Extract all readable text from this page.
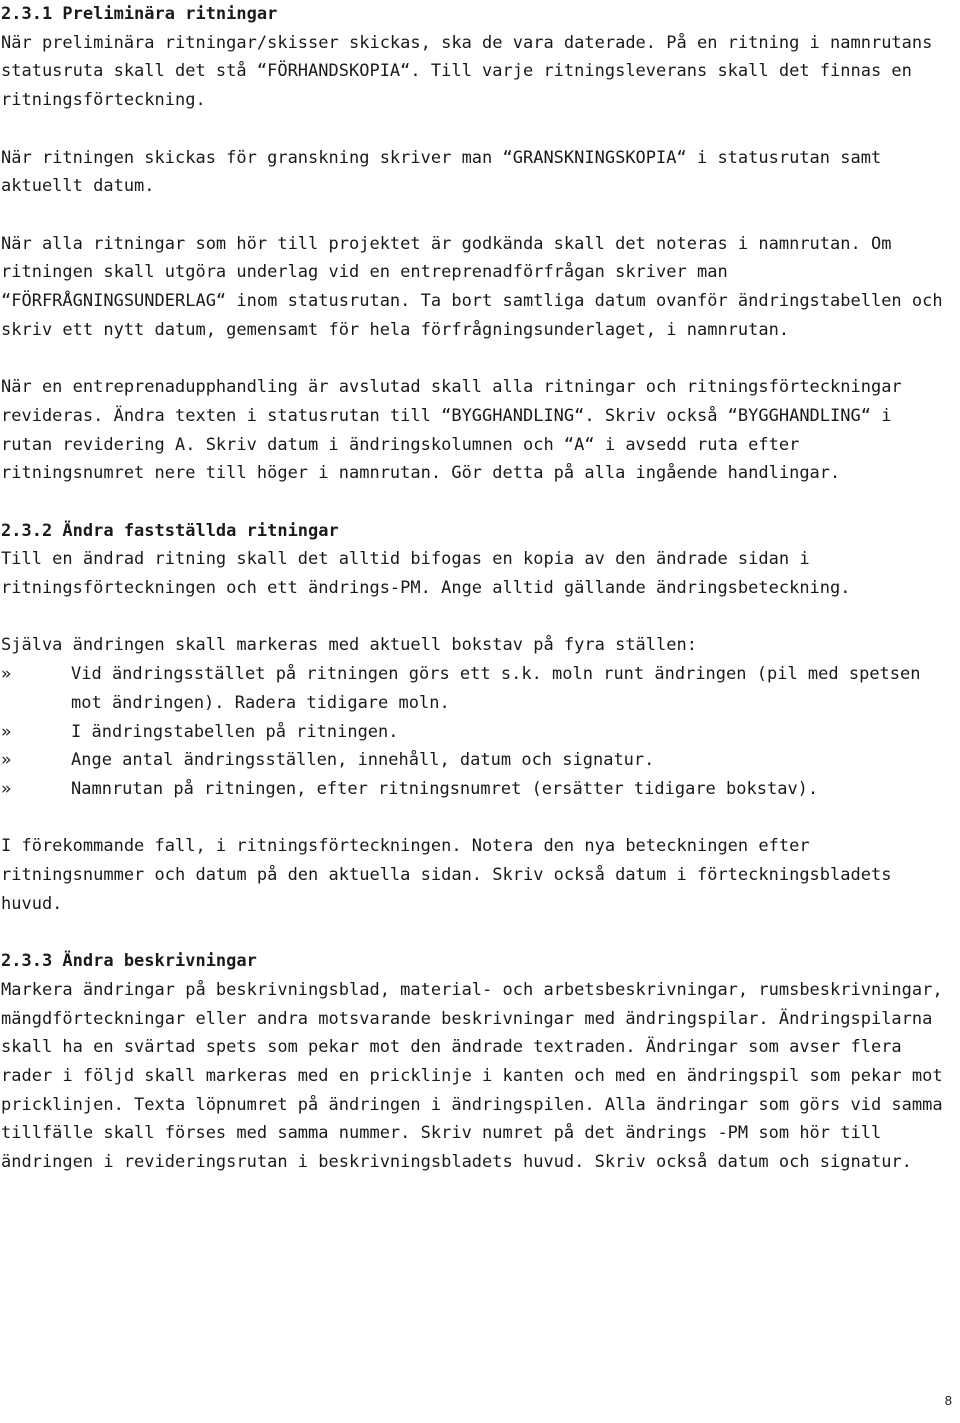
2.3.1 Preliminära ritningar

När preliminära ritningar/skisser skickas, ska de vara daterade. På en ritning i namnrutans statusruta skall det stå “FÖRHANDSKOPIA“. Till varje ritningsleverans skall det finnas en ritningsförteckning.

När ritningen skickas för granskning skriver man “GRANSKNINGSKOPIA“ i statusrutan samt aktuellt datum.

När alla ritningar som hör till projektet är godkända skall det noteras i namnrutan. Om ritningen skall utgöra underlag vid en entreprenadförfrågan skriver man “FÖRFRÅGNINGSUNDERLAG“ inom statusrutan. Ta bort samtliga datum ovanför ändringstabellen och skriv ett nytt datum, gemensamt för hela förfrågningsunderlaget, i namnrutan.

När en entreprenadupphandling är avslutad skall alla ritningar och ritningsförteckningar revideras. Ändra texten i statusrutan till “BYGGHANDLING“. Skriv också “BYGGHANDLING“ i rutan revidering A. Skriv datum i ändringskolumnen och “A“ i avsedd ruta efter ritningsnumret nere till höger i namnrutan. Gör detta på alla ingående handlingar.

2.3.2 Ändra fastställda ritningar

Till en ändrad ritning skall det alltid bifogas en kopia av den ändrade sidan i ritningsförteckningen och ett ändrings-PM. Ange alltid gällande ändringsbeteckning.

Själva ändringen skall markeras med aktuell bokstav på fyra ställen:

»	Vid ändringsstället på ritningen görs ett s.k. moln runt ändringen (pil med spetsen mot ändringen). Radera tidigare moln.
»	I ändringstabellen på ritningen.
»	Ange antal ändringsställen, innehåll, datum och signatur.
»	Namnrutan på ritningen, efter ritningsnumret (ersätter tidigare bokstav).

I förekommande fall, i ritningsförteckningen. Notera den nya beteckningen efter ritningsnummer och datum på den aktuella sidan. Skriv också datum i förteckningsbladets huvud.

2.3.3 Ändra beskrivningar

Markera ändringar på beskrivningsblad, material- och arbetsbeskrivningar, rumsbeskrivningar, mängdförteckningar eller andra motsvarande beskrivningar med ändringspilar. Ändringspilarna skall ha en svärtad spets som pekar mot den ändrade textraden. Ändringar som avser flera rader i följd skall markeras med en pricklinje i kanten och med en ändringspil som pekar mot pricklinjen. Texta löpnumret på ändringen i ändringspilen. Alla ändringar som görs vid samma tillfälle skall förses med samma nummer. Skriv numret på det ändrings -PM som hör till ändringen i revideringsrutan i beskrivningsbladets huvud. Skriv också datum och signatur.

8
